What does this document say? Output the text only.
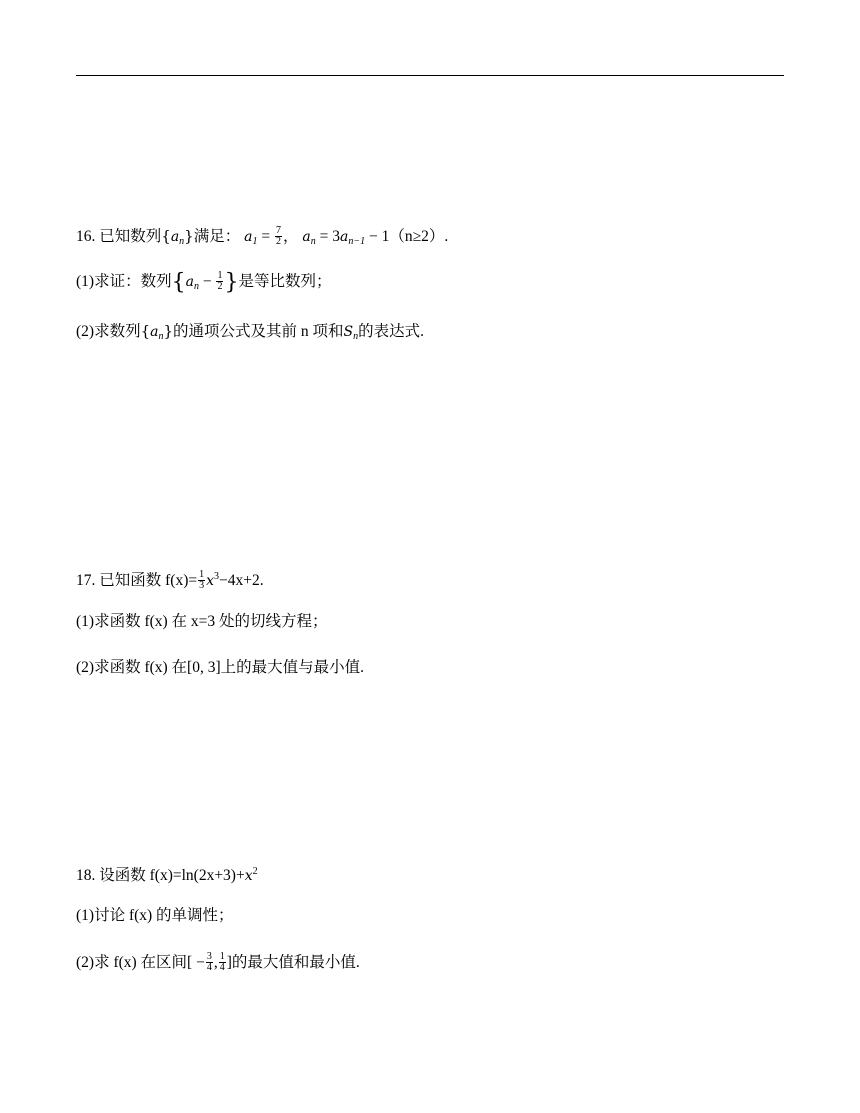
16. 已知数列$\{a_n\}$满足： $a_1 = \frac{7}{2}$ ， $a_n = 3a_{n-1} - 1(n\ge 2)$.
(1)求证：数列{$a_n - \frac{1}{2}$ }是等比数列；
(2)求数列$\{a_n\}$的通项公式及其前 n 项和$S_n$的表达式.
17. 已知函数 $f(x)= \frac{1}{3} x^3-4x+2$.
(1)求函数 f(x) 在 x=3 处的切线方程；
(2)求函数 f(x) 在[0, 3]上的最大值与最小值.
18. 设函数 $f(x)=\ln(2x+3)+x^2$
(1)讨论 f(x) 的单调性；
(2)求 f(x) 在区间[ − $\frac{3}{4}$ , $\frac{1}{4}$ ]的最大值和最小值.
